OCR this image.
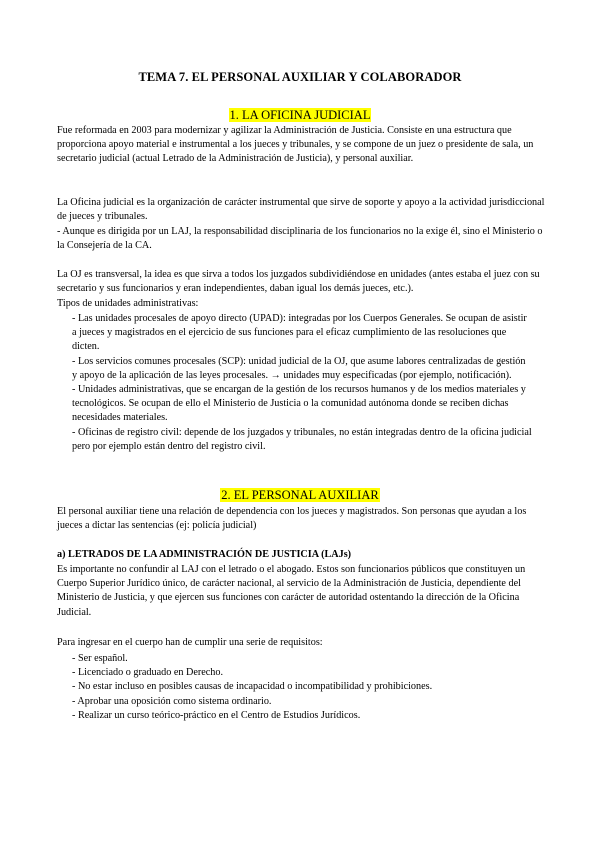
TEMA 7. EL PERSONAL AUXILIAR Y COLABORADOR
1. LA OFICINA JUDICIAL

Fue reformada en 2003 para modernizar y agilizar la Administración de Justicia. Consiste en una estructura que proporciona apoyo material e instrumental a los jueces y tribunales, y se compone de un juez o presidente de sala, un secretario judicial (actual Letrado de la Administración de Justicia), y personal auxiliar.

La Oficina judicial es la organización de carácter instrumental que sirve de soporte y apoyo a la actividad jurisdiccional de jueces y tribunales.

- Aunque es dirigida por un LAJ, la responsabilidad disciplinaria de los funcionarios no la exige él, sino el Ministerio o la Consejería de la CA.

La OJ es transversal, la idea es que sirva a todos los juzgados subdividiéndose en unidades (antes estaba el juez con su secretario y sus funcionarios y eran independientes, daban igual los demás jueces, etc.).

Tipos de unidades administrativas:

- Las unidades procesales de apoyo directo (UPAD): integradas por los Cuerpos Generales. Se ocupan de asistir a jueces y magistrados en el ejercicio de sus funciones para el eficaz cumplimiento de las resoluciones que dicten.
- Los servicios comunes procesales (SCP): unidad judicial de la OJ, que asume labores centralizadas de gestión y apoyo de la aplicación de las leyes procesales. → unidades muy especificadas (por ejemplo, notificación).
- Unidades administrativas, que se encargan de la gestión de los recursos humanos y de los medios materiales y tecnológicos. Se ocupan de ello el Ministerio de Justicia o la comunidad autónoma donde se reciben dichas necesidades materiales.
- Oficinas de registro civil: depende de los juzgados y tribunales, no están integradas dentro de la oficina judicial pero por ejemplo están dentro del registro civil.
2. EL PERSONAL AUXILIAR

El personal auxiliar tiene una relación de dependencia con los jueces y magistrados. Son personas que ayudan a los jueces a dictar las sentencias (ej: policía judicial)

a) LETRADOS DE LA ADMINISTRACIÓN DE JUSTICIA (LAJs)

Es importante no confundir al LAJ con el letrado o el abogado. Estos son funcionarios públicos que constituyen un Cuerpo Superior Jurídico único, de carácter nacional, al servicio de la Administración de Justicia, dependiente del Ministerio de Justicia, y que ejercen sus funciones con carácter de autoridad ostentando la dirección de la Oficina Judicial.

Para ingresar en el cuerpo han de cumplir una serie de requisitos:

- Ser español.
- Licenciado o graduado en Derecho.
- No estar incluso en posibles causas de incapacidad o incompatibilidad y prohibiciones.
- Aprobar una oposición como sistema ordinario.
- Realizar un curso teórico-práctico en el Centro de Estudios Jurídicos.
